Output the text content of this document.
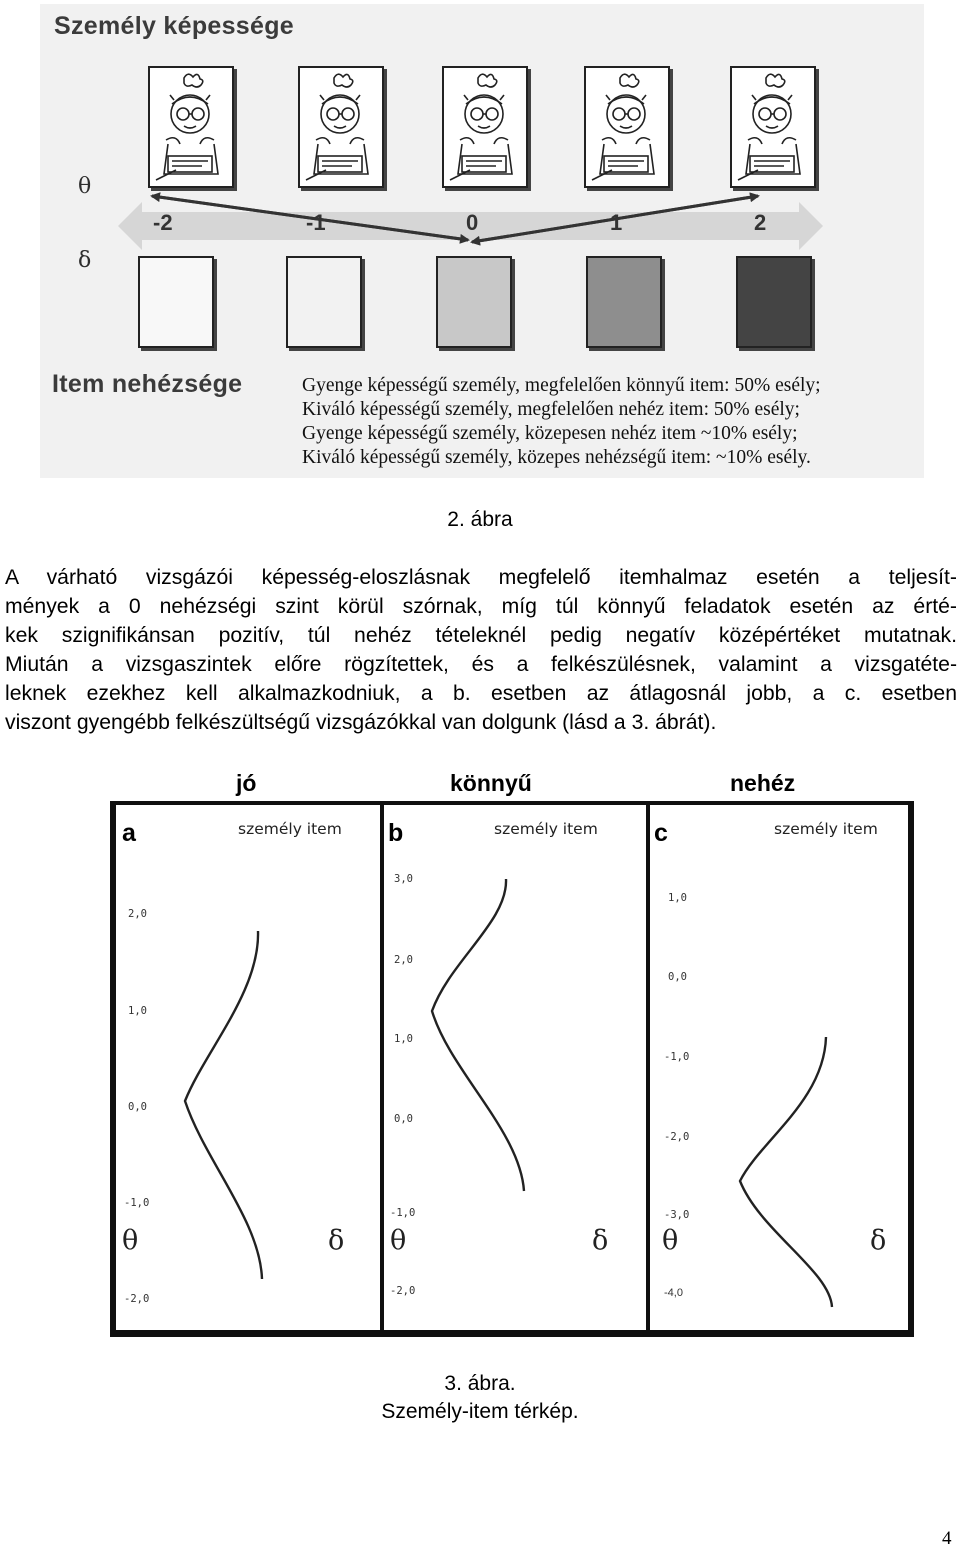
Személy képessége
θ
δ
-2	-1	0	1	2
Item nehézsége	Gyenge képességű személy, megfelelően könnyű item: 50% esély;
Kiváló képességű személy, megfelelően nehéz item: 50% esély;
Gyenge képességű személy, közepesen nehéz item ~10% esély;
Kiváló képességű személy, közepes nehézségű item: ~10% esély.
2. ábra
A várható vizsgázói képesség-eloszlásnak megfelelő itemhalmaz esetén a teljesít-
mények a 0 nehézségi szint körül szórnak, míg túl könnyű feladatok esetén az érté-
kek szignifikánsan pozitív, túl nehéz tételeknél pedig negatív középértéket mutatnak.
Miután a vizsgaszintek előre rögzítettek, és a felkészülésnek, valamint a vizsgatéte-
leknek ezekhez kell alkalmazkodniuk, a b. esetben az átlagosnál jobb, a c. esetben
viszont gyengébb felkészültségű vizsgázókkal van dolgunk (lásd a 3. ábrát).
jó	könnyű	nehéz
a	személy item
2,0
1,0
0,0
-1,0
-2,0
θ	δ
b	személy item
3,0
2,0
1,0
0,0
-1,0
-2,0
θ	δ
c	személy item
1,0
0,0
-1,0
-2,0
-3,0
-4,0
θ	δ
3. ábra.
Személy-item térkép.
4
